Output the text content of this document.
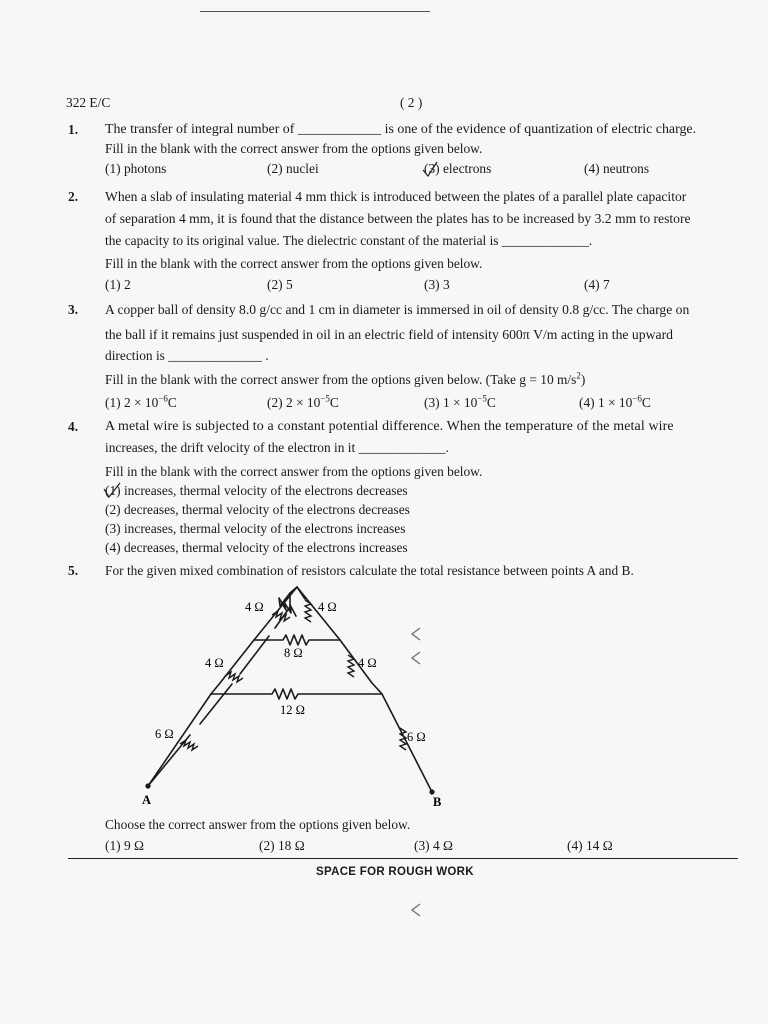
322 E/C	( 2 )
1. The transfer of integral number of ____________ is one of the evidence of quantization of electric charge.
Fill in the blank with the correct answer from the options given below.
(1) photons	(2) nuclei	(3) electrons	(4) neutrons
2. When a slab of insulating material 4 mm thick is introduced between the plates of a parallel plate capacitor
of separation 4 mm, it is found that the distance between the plates has to be increased by 3.2 mm to restore
the capacity to its original value. The dielectric constant of the material is _____________.
Fill in the blank with the correct answer from the options given below.
(1) 2	(2) 5	(3) 3	(4) 7
3. A copper ball of density 8.0 g/cc and 1 cm in diameter is immersed in oil of density 0.8 g/cc. The charge on
the ball if it remains just suspended in oil in an electric field of intensity 600π V/m acting in the upward
direction is ______________ .
Fill in the blank with the correct answer from the options given below. (Take g = 10 $m/s^2$)
(1) $2 \times 10^{-6}C$	(2) $2 \times 10^{-5}C$	(3) $1 \times 10^{-5}C$	(4) $1 \times 10^{-6}C$
4. A metal wire is subjected to a constant potential difference. When the temperature of the metal wire
increases, the drift velocity of the electron in it _____________.
Fill in the blank with the correct answer from the options given below.
(1) increases, thermal velocity of the electrons decreases
(2) decreases, thermal velocity of the electrons decreases
(3) increases, thermal velocity of the electrons increases
(4) decreases, thermal velocity of the electrons increases
5. For the given mixed combination of resistors calculate the total resistance between points A and B.
4 Ω	4 Ω
8 Ω
4 Ω	4 Ω
12 Ω
6 Ω	6 Ω
A	B
Choose the correct answer from the options given below.
(1) 9 Ω	(2) 18 Ω	(3) 4 Ω	(4) 14 Ω
SPACE FOR ROUGH WORK
